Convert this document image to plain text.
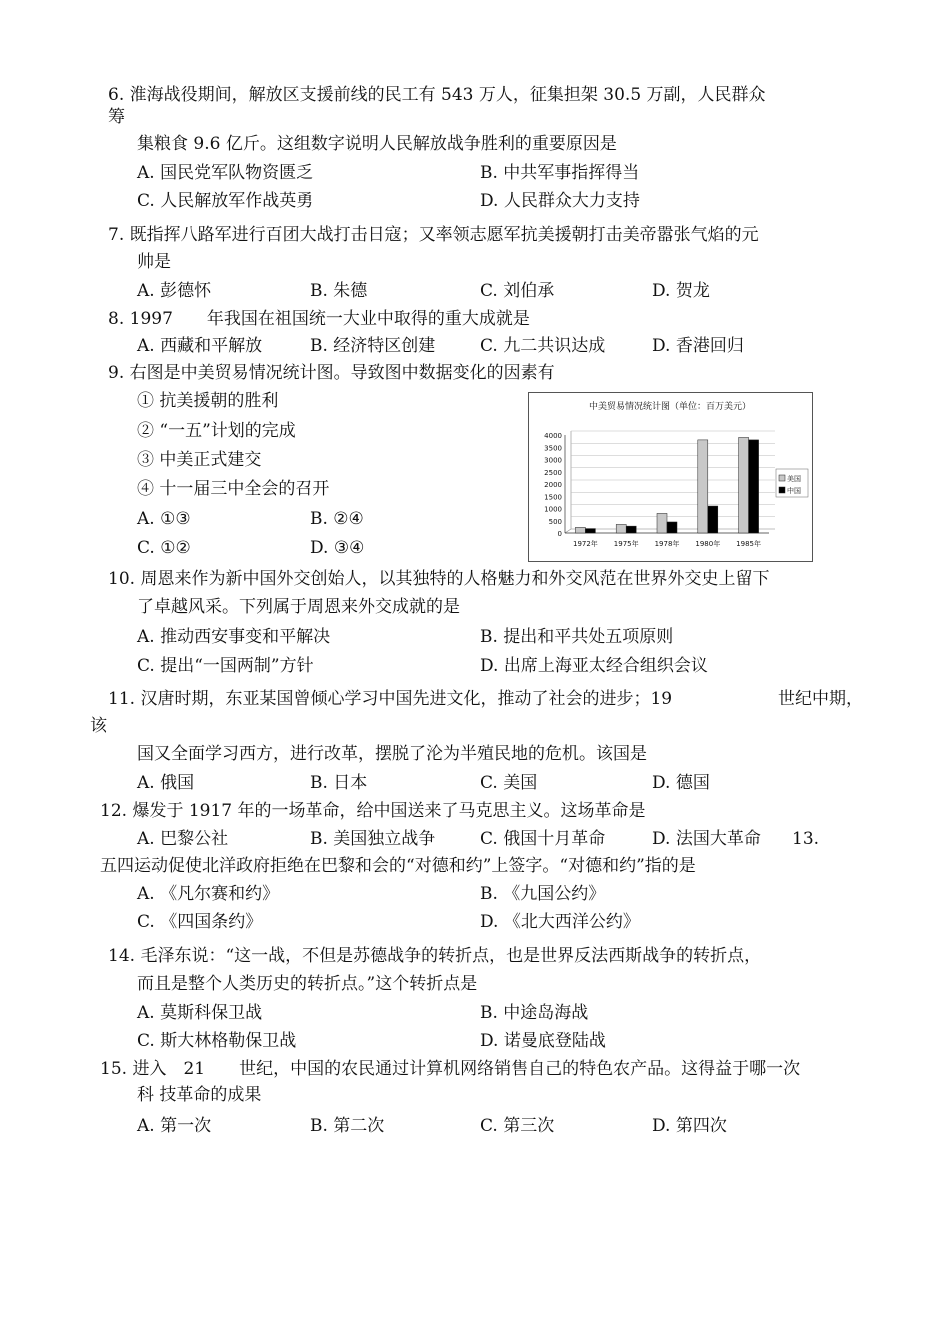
6. 淮海战役期间，解放区支援前线的民工有 543 万人，征集担架 30.5 万副，人民群众
筹
集粮食 9.6 亿斤。这组数字说明人民解放战争胜利的重要原因是
A. 国民党军队物资匮乏	B. 中共军事指挥得当
C. 人民解放军作战英勇	D. 人民群众大力支持
7. 既指挥八路军进行百团大战打击日寇；又率领志愿军抗美援朝打击美帝嚣张气焰的元
帅是
A. 彭德怀	B. 朱德	C. 刘伯承	D. 贺龙
8. 1997　　年我国在祖国统一大业中取得的重大成就是
A. 西藏和平解放	B. 经济特区创建	C. 九二共识达成	D. 香港回归
9. 右图是中美贸易情况统计图。导致图中数据变化的因素有
① 抗美援朝的胜利
② “一五”计划的完成
③ 中美正式建交
④ 十一届三中全会的召开
A. ①③	B. ②④
C. ①②	D. ③④
中美贸易情况统计图（单位：百万美元）
0
500
1000
1500
2000
2500
3000
3500
4000
1972年 1975年 1978年 1980年 1985年
美国
中国
10. 周恩来作为新中国外交创始人，以其独特的人格魅力和外交风范在世界外交史上留下
了卓越风采。下列属于周恩来外交成就的是
A. 推动西安事变和平解决	B. 提出和平共处五项原则
C. 提出“一国两制”方针	D. 出席上海亚太经合组织会议
11. 汉唐时期，东亚某国曾倾心学习中国先进文化，推动了社会的进步；19	世纪中期，
该
国又全面学习西方，进行改革，摆脱了沦为半殖民地的危机。该国是
A. 俄国	B. 日本	C. 美国	D. 德国
12. 爆发于 1917 年的一场革命，给中国送来了马克思主义。这场革命是
A. 巴黎公社	B. 美国独立战争	C. 俄国十月革命	D. 法国大革命 13.
五四运动促使北洋政府拒绝在巴黎和会的“对德和约”上签字。“对德和约”指的是
A. 《凡尔赛和约》	B. 《九国公约》
C. 《四国条约》	D. 《北大西洋公约》
14. 毛泽东说：“这一战，不但是苏德战争的转折点，也是世界反法西斯战争的转折点，
而且是整个人类历史的转折点。”这个转折点是
A. 莫斯科保卫战	B. 中途岛海战
C. 斯大林格勒保卫战	D. 诺曼底登陆战
15. 进入　21　　世纪，中国的农民通过计算机网络销售自己的特色农产品。这得益于哪一次
科 技革命的成果
A. 第一次	B. 第二次	C. 第三次	D. 第四次
